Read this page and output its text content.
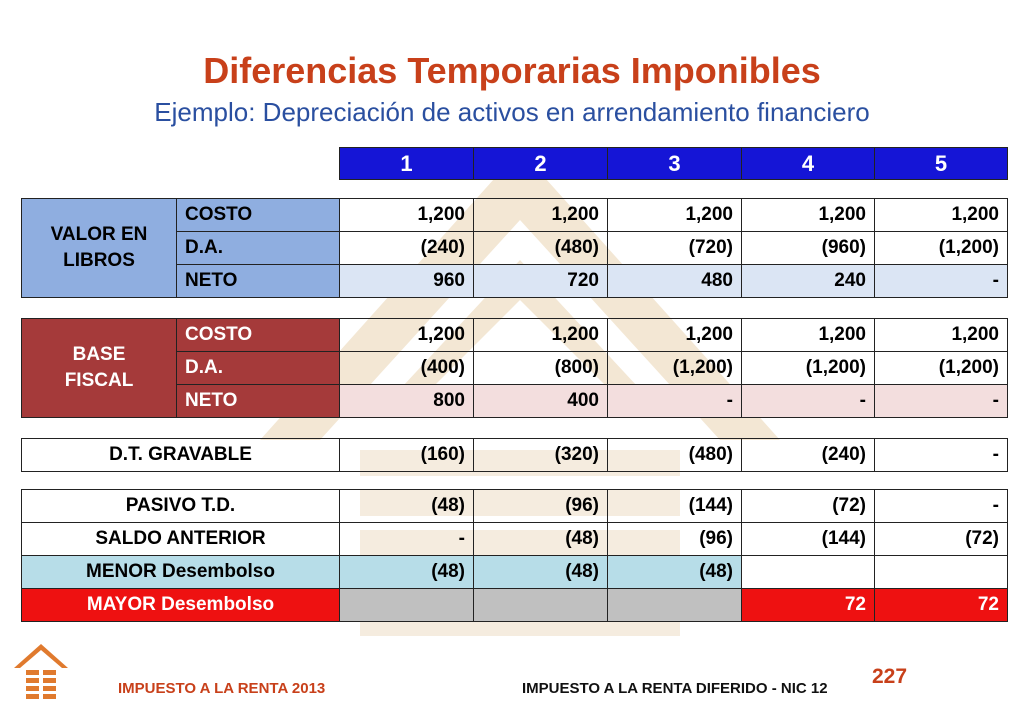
Diferencias Temporarias Imponibles
Ejemplo: Depreciación de activos en arrendamiento financiero
1	2	3	4	5
VALOR EN
LIBROS	COSTO	1,200	1,200	1,200	1,200	1,200
	D.A.	(240)	(480)	(720)	(960)	(1,200)
	NETO	960	720	480	240	-
BASE
FISCAL	COSTO	1,200	1,200	1,200	1,200	1,200
	D.A.	(400)	(800)	(1,200)	(1,200)	(1,200)
	NETO	800	400	-	-	-
D.T. GRAVABLE	(160)	(320)	(480)	(240)	-
PASIVO T.D.	(48)	(96)	(144)	(72)	-
SALDO ANTERIOR	-	(48)	(96)	(144)	(72)
MENOR Desembolso	(48)	(48)	(48)		
MAYOR Desembolso				72	72
IMPUESTO A LA RENTA 2013	IMPUESTO A LA RENTA DIFERIDO - NIC 12
227
